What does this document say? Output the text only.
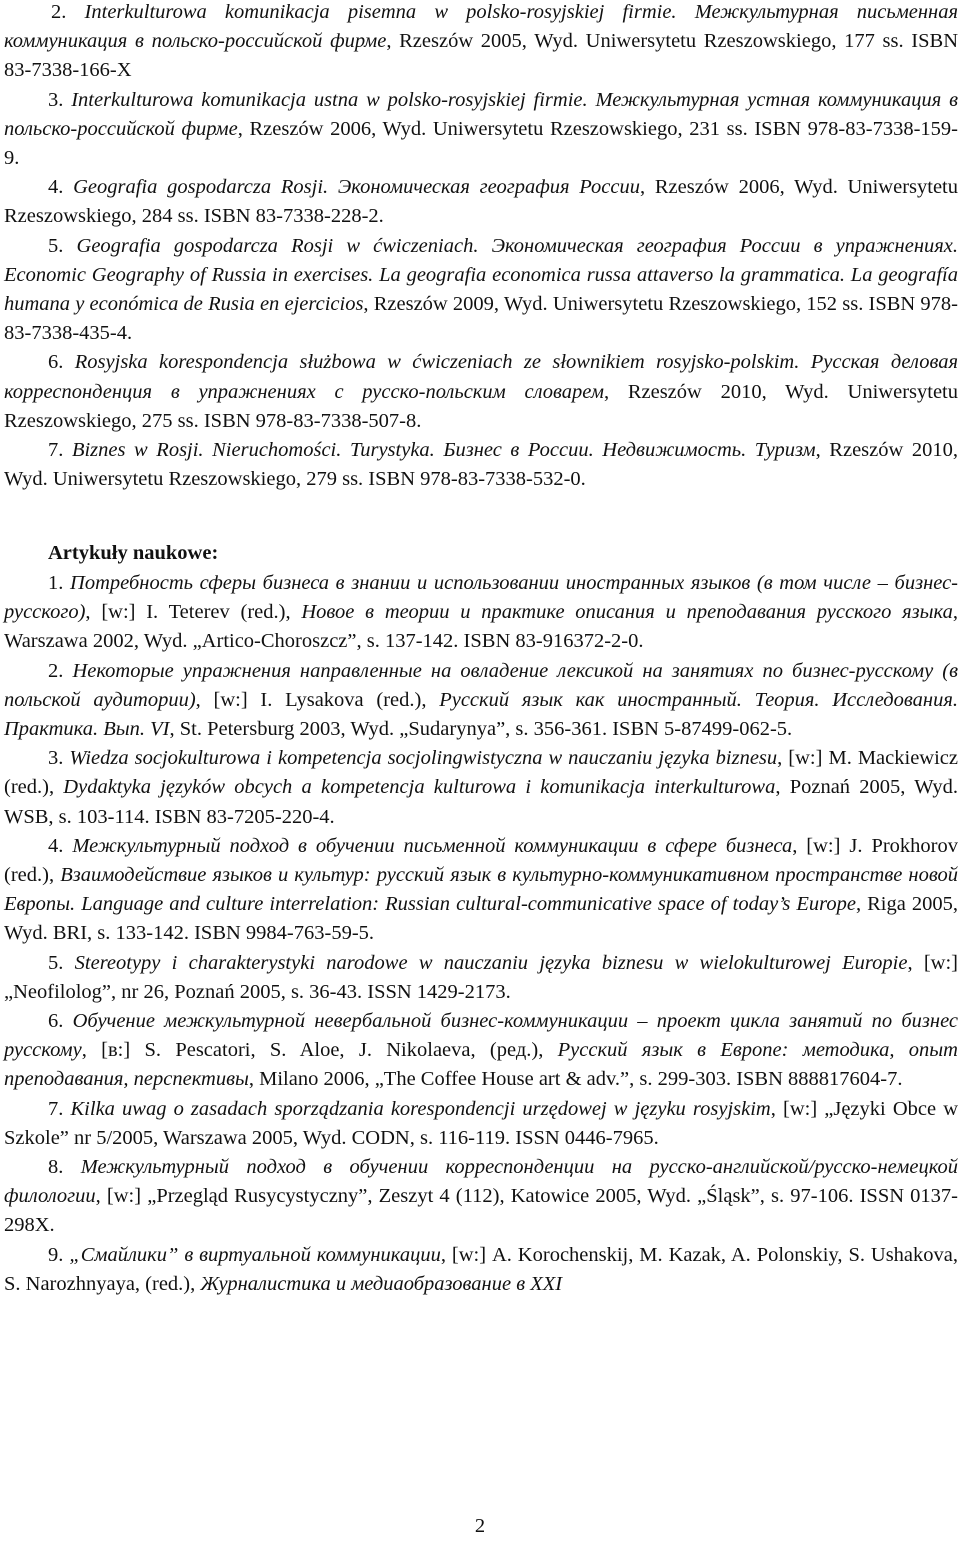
2. Interkulturowa komunikacja pisemna w polsko-rosyjskiej firmie. Межкультурная письменная коммуникация в польско-российской фирме, Rzeszów 2005, Wyd. Uniwersytetu Rzeszowskiego, 177 ss. ISBN 83-7338-166-X

3. Interkulturowa komunikacja ustna w polsko-rosyjskiej firmie. Межкультурная устная коммуникация в польско-российской фирме, Rzeszów 2006, Wyd. Uniwersytetu Rzeszowskiego, 231 ss. ISBN 978-83-7338-159-9.

4. Geografia gospodarcza Rosji. Экономическая география России, Rzeszów 2006, Wyd. Uniwersytetu Rzeszowskiego, 284 ss. ISBN 83-7338-228-2.

5. Geografia gospodarcza Rosji w ćwiczeniach. Экономическая география России в упражнениях. Economic Geography of Russia in exercises. La geografia economica russa attaverso la grammatica. La geografía humana y económica de Rusia en ejercicios, Rzeszów 2009, Wyd. Uniwersytetu Rzeszowskiego, 152 ss. ISBN 978-83-7338-435-4.

6. Rosyjska korespondencja służbowa w ćwiczeniach ze słownikiem rosyjsko-polskim. Русская деловая корреспонденция в упражнениях с русско-польским словарем, Rzeszów 2010, Wyd. Uniwersytetu Rzeszowskiego, 275 ss. ISBN 978-83-7338-507-8.

7. Biznes w Rosji. Nieruchomości. Turystyka. Бизнес в России. Недвижимость. Туризм, Rzeszów 2010, Wyd. Uniwersytetu Rzeszowskiego, 279 ss. ISBN 978-83-7338-532-0.

Artykuły naukowe:

1. Потребность сферы бизнеса в знании и использовании иностранных языков (в том числе – бизнес-русского), [w:] I. Teterev (red.), Новое в теории и практике описания и преподавания русского языка, Warszawa 2002, Wyd. „Artico-Choroszcz”, s. 137-142. ISBN 83-916372-2-0.

2. Некоторые упражнения направленные на овладение лексикой на занятиях по бизнес-русскому (в польской аудитории), [w:] I. Lysakova (red.), Русский язык как иностранный. Теория. Исследования. Практика. Вып. VI, St. Petersburg 2003, Wyd. „Sudarynya”, s. 356-361. ISBN 5-87499-062-5.

3. Wiedza socjokulturowa i kompetencja socjolingwistyczna w nauczaniu języka biznesu, [w:] M. Mackiewicz (red.), Dydaktyka języków obcych a kompetencja kulturowa i komunikacja interkulturowa, Poznań 2005, Wyd. WSB, s. 103-114. ISBN 83-7205-220-4.

4. Межкультурный подход в обучении письменной коммуникации в сфере бизнеса, [w:] J. Prokhorov (red.), Взаимодействие языков и культур: русский язык в культурно-коммуникативном пространстве новой Европы. Language and culture interrelation: Russian cultural-communicative space of today’s Europe, Riga 2005, Wyd. BRI, s. 133-142. ISBN 9984-763-59-5.

5. Stereotypy i charakterystyki narodowe w nauczaniu języka biznesu w wielokulturowej Europie, [w:] „Neofilolog”, nr 26, Poznań 2005, s. 36-43. ISSN 1429-2173.

6. Обучение межкультурной невербальной бизнес-коммуникации – проект цикла занятий по бизнес русскому, [в:] S. Pescatori, S. Aloe, J. Nikolaeva, (ред.), Русский язык в Европе: методика, опыт преподавания, перспективы, Milano 2006, „The Coffee House art & adv.”, s. 299-303. ISBN 888817604-7.

7. Kilka uwag o zasadach sporządzania korespondencji urzędowej w języku rosyjskim, [w:] „Języki Obce w Szkole” nr 5/2005, Warszawa 2005, Wyd. CODN, s. 116-119. ISSN 0446-7965.

8. Межкультурный подход в обучении корреспонденции на русско-английской/русско-немецкой филологии, [w:] „Przegląd Rusycystyczny”, Zeszyt 4 (112), Katowice 2005, Wyd. „Śląsk”, s. 97-106. ISSN 0137-298X.

9. „Смайлики” в виртуальной коммуникации, [w:] A. Korochenskij, M. Kazak, A. Polonskiy, S. Ushakova, S. Narozhnyaya, (red.), Журналистика и медиаобразование в XXI

2
